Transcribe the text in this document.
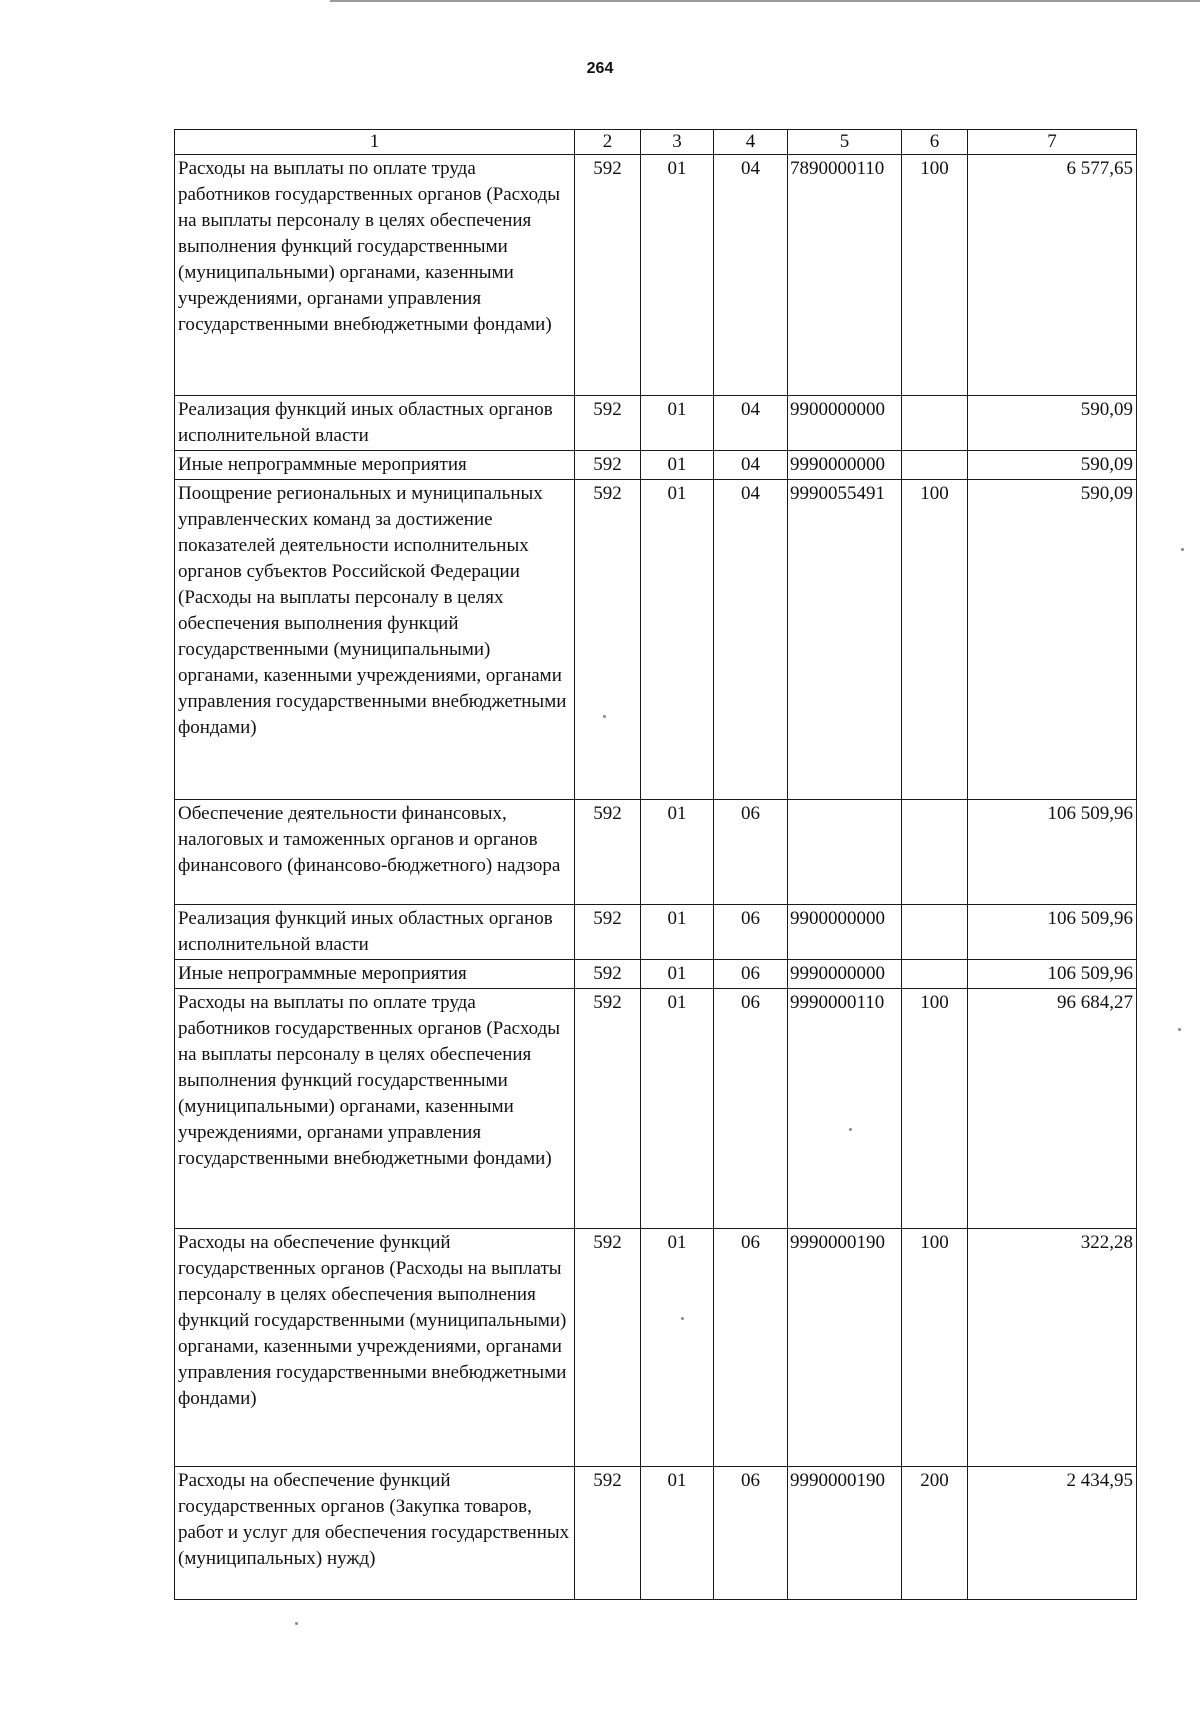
264
1	2	3	4	5	6	7
Расходы на выплаты по оплате труда работников государственных органов (Расходы на выплаты персоналу в целях обеспечения выполнения функций государственными (муниципальными) органами, казенными учреждениями, органами управления государственными внебюджетными фондами)	592	01	04	7890000110	100	6 577,65
Реализация функций иных областных органов исполнительной власти	592	01	04	9900000000		590,09
Иные непрограммные мероприятия	592	01	04	9990000000		590,09
Поощрение региональных и муниципальных управленческих команд за достижение показателей деятельности исполнительных органов субъектов Российской Федерации (Расходы на выплаты персоналу в целях обеспечения выполнения функций государственными (муниципальными) органами, казенными учреждениями, органами управления государственными внебюджетными фондами)	592	01	04	9990055491	100	590,09
Обеспечение деятельности финансовых, налоговых и таможенных органов и органов финансового (финансово-бюджетного) надзора	592	01	06			106 509,96
Реализация функций иных областных органов исполнительной власти	592	01	06	9900000000		106 509,96
Иные непрограммные мероприятия	592	01	06	9990000000		106 509,96
Расходы на выплаты по оплате труда работников государственных органов (Расходы на выплаты персоналу в целях обеспечения выполнения функций государственными (муниципальными) органами, казенными учреждениями, органами управления государственными внебюджетными фондами)	592	01	06	9990000110	100	96 684,27
Расходы на обеспечение функций государственных органов (Расходы на выплаты персоналу в целях обеспечения выполнения функций государственными (муниципальными) органами, казенными учреждениями, органами управления государственными внебюджетными фондами)	592	01	06	9990000190	100	322,28
Расходы на обеспечение функций государственных органов (Закупка товаров, работ и услуг для обеспечения государственных (муниципальных) нужд)	592	01	06	9990000190	200	2 434,95
